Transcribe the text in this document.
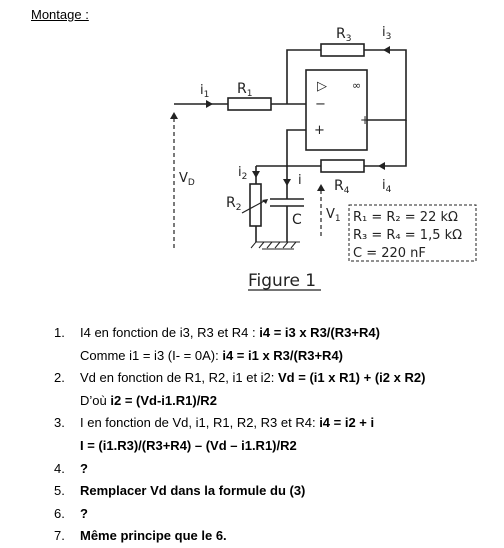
Montage :
▷ ∞
−
+
+
$R_3$ $i_3$
$i_1$ $R_1$
$V_D$
$i_2$	i $R_4$	$i_4$
$R_2$
C $V_1$ R₁ = R₂ = 22 kΩ
R₃ = R₄ = 1,5 kΩ
C = 220 nF
Figure 1
1. I4 en fonction de i3, R3 et R4 : i4 = i3 x R3/(R3+R4)
Comme i1 = i3 (I- = 0A): i4 = i1 x R3/(R3+R4)
2. Vd en fonction de R1, R2, i1 et i2: Vd = (i1 x R1) + (i2 x R2)
D’où i2 = (Vd-i1.R1)/R2
3. I en fonction de Vd, i1, R1, R2, R3 et R4: i4 = i2 + i
I = (i1.R3)/(R3+R4) – (Vd – i1.R1)/R2
4. ?
5. Remplacer Vd dans la formule du (3)
6. ?
7. Même principe que le 6.
